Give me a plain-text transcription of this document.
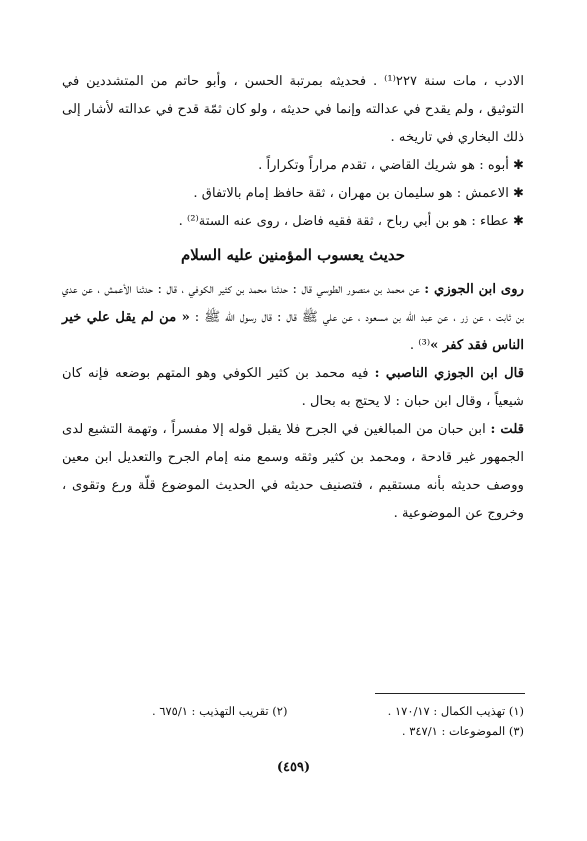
الادب ، مات سنة ٢٢٧⁽¹⁾ . فحديثه بمرتبة الحسن ، وأبو حاتم من المتشددين في التوثيق ، ولم يقدح في عدالته وإنما في حديثه ، ولو كان ثمّة قدح في عدالته لأشار إلى ذلك البخاري في تاريخه .

✱أبوه : هو شريك القاضي ، تقدم مراراً وتكراراً .
✱الاعمش : هو سليمان بن مهران ، ثقة حافظ إمام بالاتفاق .
✱عطاء : هو بن أبي رباح ، ثقة فقيه فاضل ، روى عنه الستة⁽²⁾ .
حديث يعسوب المؤمنين عليه السلام

روى ابن الجوزي : عن محمد بن منصور الطوسي قال : حدثنا محمد بن كثير الكوفي ، قال : حدثنا الأعمش ، عن عدي بن ثابت ، عن زر ، عن عبد الله بن مسعود ، عن علي ﷺ قال : قال رسول الله ﷺ : « من لم يقل علي خير الناس فقد كفر »⁽³⁾ .

قال ابن الجوزي الناصبي : فيه محمد بن كثير الكوفي وهو المتهم بوضعه فإنه كان شيعياً ، وقال ابن حبان : لا يحتج به بحال .

قلت : ابن حبان من المبالغين في الجرح فلا يقبل قوله إلا مفسراً ، وتهمة التشيع لدى الجمهور غير قادحة ، ومحمد بن كثير وثقه وسمع منه إمام الجرح والتعديل ابن معين ووصف حديثه بأنه مستقيم ، فتصنيف حديثه في الحديث الموضوع قلّة ورع وتقوى ، وخروج عن الموضوعية .

(١) تهذيب الكمال : ١٧٠/١٧ .
(٢) تقريب التهذيب : ٦٧٥/١ .
(٣) الموضوعات : ٣٤٧/١ .
(٤٥٩)
